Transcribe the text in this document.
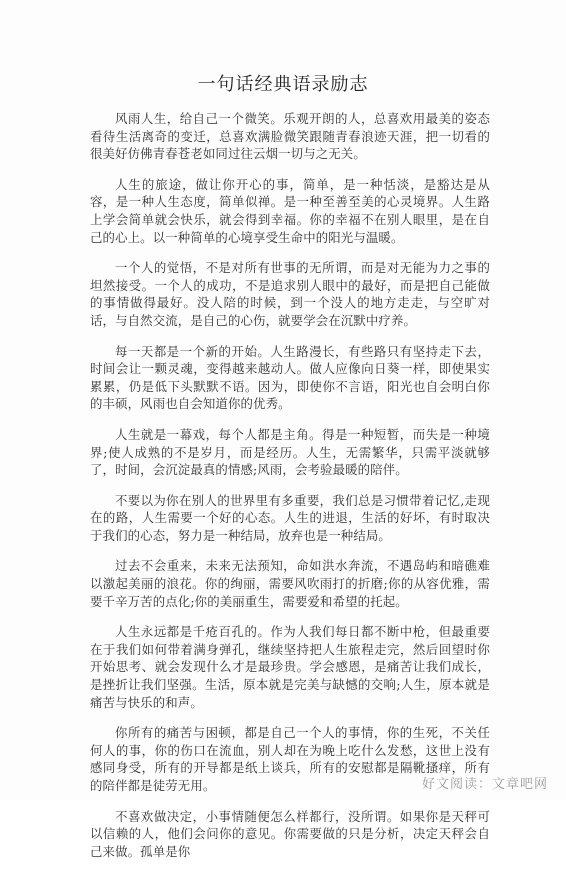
一句话经典语录励志

风雨人生，给自己一个微笑。乐观开朗的人，总喜欢用最美的姿态看待生活离奇的变迁，总喜欢满脸微笑跟随青春浪迹天涯，把一切看的很美好仿佛青春苍老如同过往云烟一切与之无关。

人生的旅途，做让你开心的事，简单，是一种恬淡，是豁达是从容，是一种人生态度，简单似禅。是一种至善至美的心灵境界。人生路上学会简单就会快乐，就会得到幸福。你的幸福不在别人眼里，是在自己的心上。以一种简单的心境享受生命中的阳光与温暖。

一个人的觉悟，不是对所有世事的无所谓，而是对无能为力之事的坦然接受。一个人的成功，不是追求别人眼中的最好，而是把自己能做的事情做得最好。没人陪的时候，到一个没人的地方走走，与空旷对话，与自然交流，是自己的心伤，就要学会在沉默中疗养。

每一天都是一个新的开始。人生路漫长，有些路只有坚持走下去，时间会让一颗灵魂，变得越来越动人。做人应像向日葵一样，即使果实累累，仍是低下头默默不语。因为，即使你不言语，阳光也自会明白你的丰硕，风雨也自会知道你的优秀。

人生就是一幕戏，每个人都是主角。得是一种短暂，而失是一种境界;使人成熟的不是岁月，而是经历。人生，无需繁华，只需平淡就够了，时间，会沉淀最真的情感;风雨，会考验最暖的陪伴。

不要以为你在别人的世界里有多重要，我们总是习惯带着记忆,走现在的路，人生需要一个好的心态。人生的进退，生活的好坏，有时取决于我们的心态，努力是一种结局，放弃也是一种结局。

过去不会重来，未来无法预知，命如洪水奔流，不遇岛屿和暗礁难以激起美丽的浪花。你的绚丽，需要风吹雨打的折磨;你的从容优雅，需要千辛万苦的点化;你的美丽重生，需要爱和希望的托起。

人生永远都是千疮百孔的。作为人我们每日都不断中枪，但最重要在于我们如何带着满身弹孔，继续坚持把人生旅程走完，然后回望时你开始思考、就会发现什么才是最珍贵。学会感恩，是痛苦让我们成长，是挫折让我们坚强。生活，原本就是完美与缺憾的交响;人生，原本就是痛苦与快乐的和声。

你所有的痛苦与困顿，都是自己一个人的事情，你的生死，不关任何人的事，你的伤口在流血，别人却在为晚上吃什么发愁，这世上没有感同身受，所有的开导都是纸上谈兵，所有的安慰都是隔靴搔痒，所有的陪伴都是徒劳无用。

不喜欢做决定，小事情随便怎么样都行，没所谓。如果你是天秤可以信赖的人，他们会问你的意见。你需要做的只是分析，决定天秤会自己来做。孤单是你

好文阅读：文章吧网
